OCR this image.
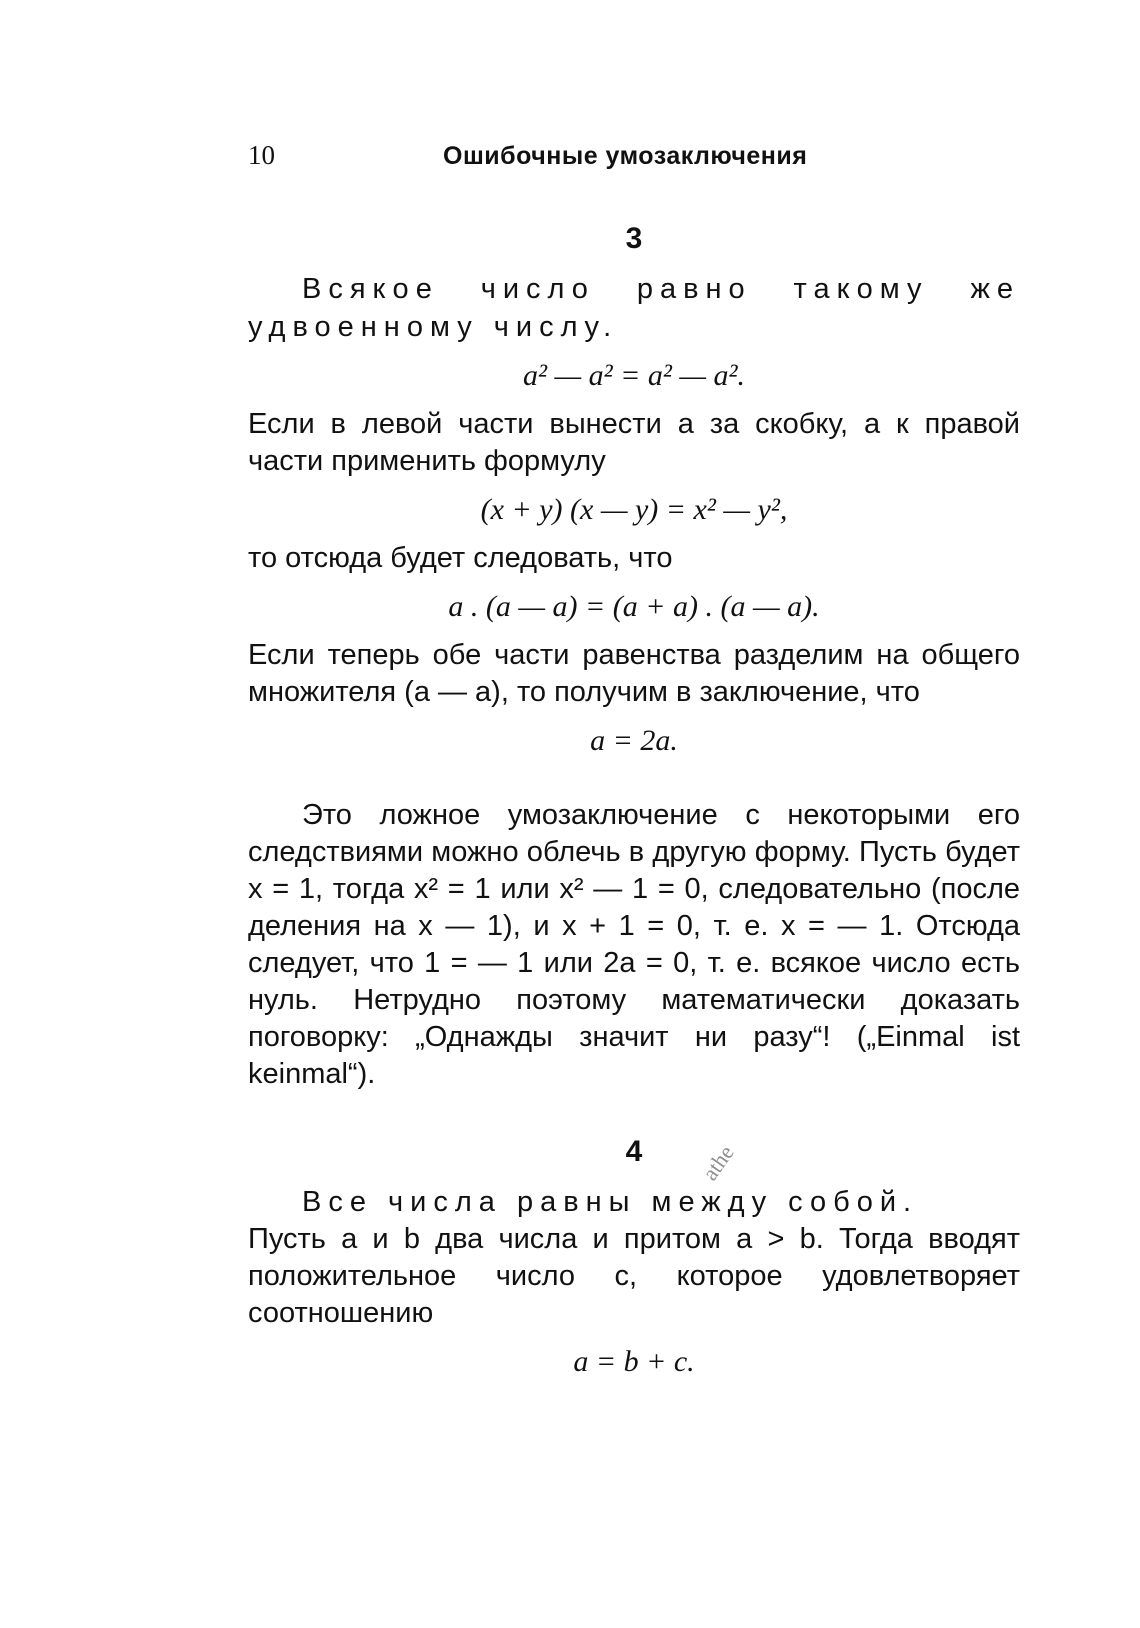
10	Ошибочные умозаключения
3

Всякое число равно такому же удвоенному числу.

a² — a² = a² — a².

Если в левой части вынести a за скобку, а к правой части применить формулу

(x + y) (x — y) = x² — y²,

то отсюда будет следовать, что

a . (a — a) = (a + a) . (a — a).

Если теперь обе части равенства разделим на общего множителя (a — a), то получим в заключение, что

a = 2a.

Это ложное умозаключение с некоторыми его следствиями можно облечь в другую форму. Пусть будет x = 1, тогда x² = 1 или x² — 1 = 0, следовательно (после деления на x — 1), и x + 1 = 0, т. е. x = — 1. Отсюда следует, что 1 = — 1 или 2a = 0, т. е. всякое число есть нуль. Нетрудно поэтому математически доказать поговорку: „Однажды значит ни разу“! („Einmal ist keinmal“).

4

Все числа равны между собой.

Пусть a и b два числа и притом a > b. Тогда вводят положительное число c, которое удовлетворяет соотношению

a = b + c.
athe
